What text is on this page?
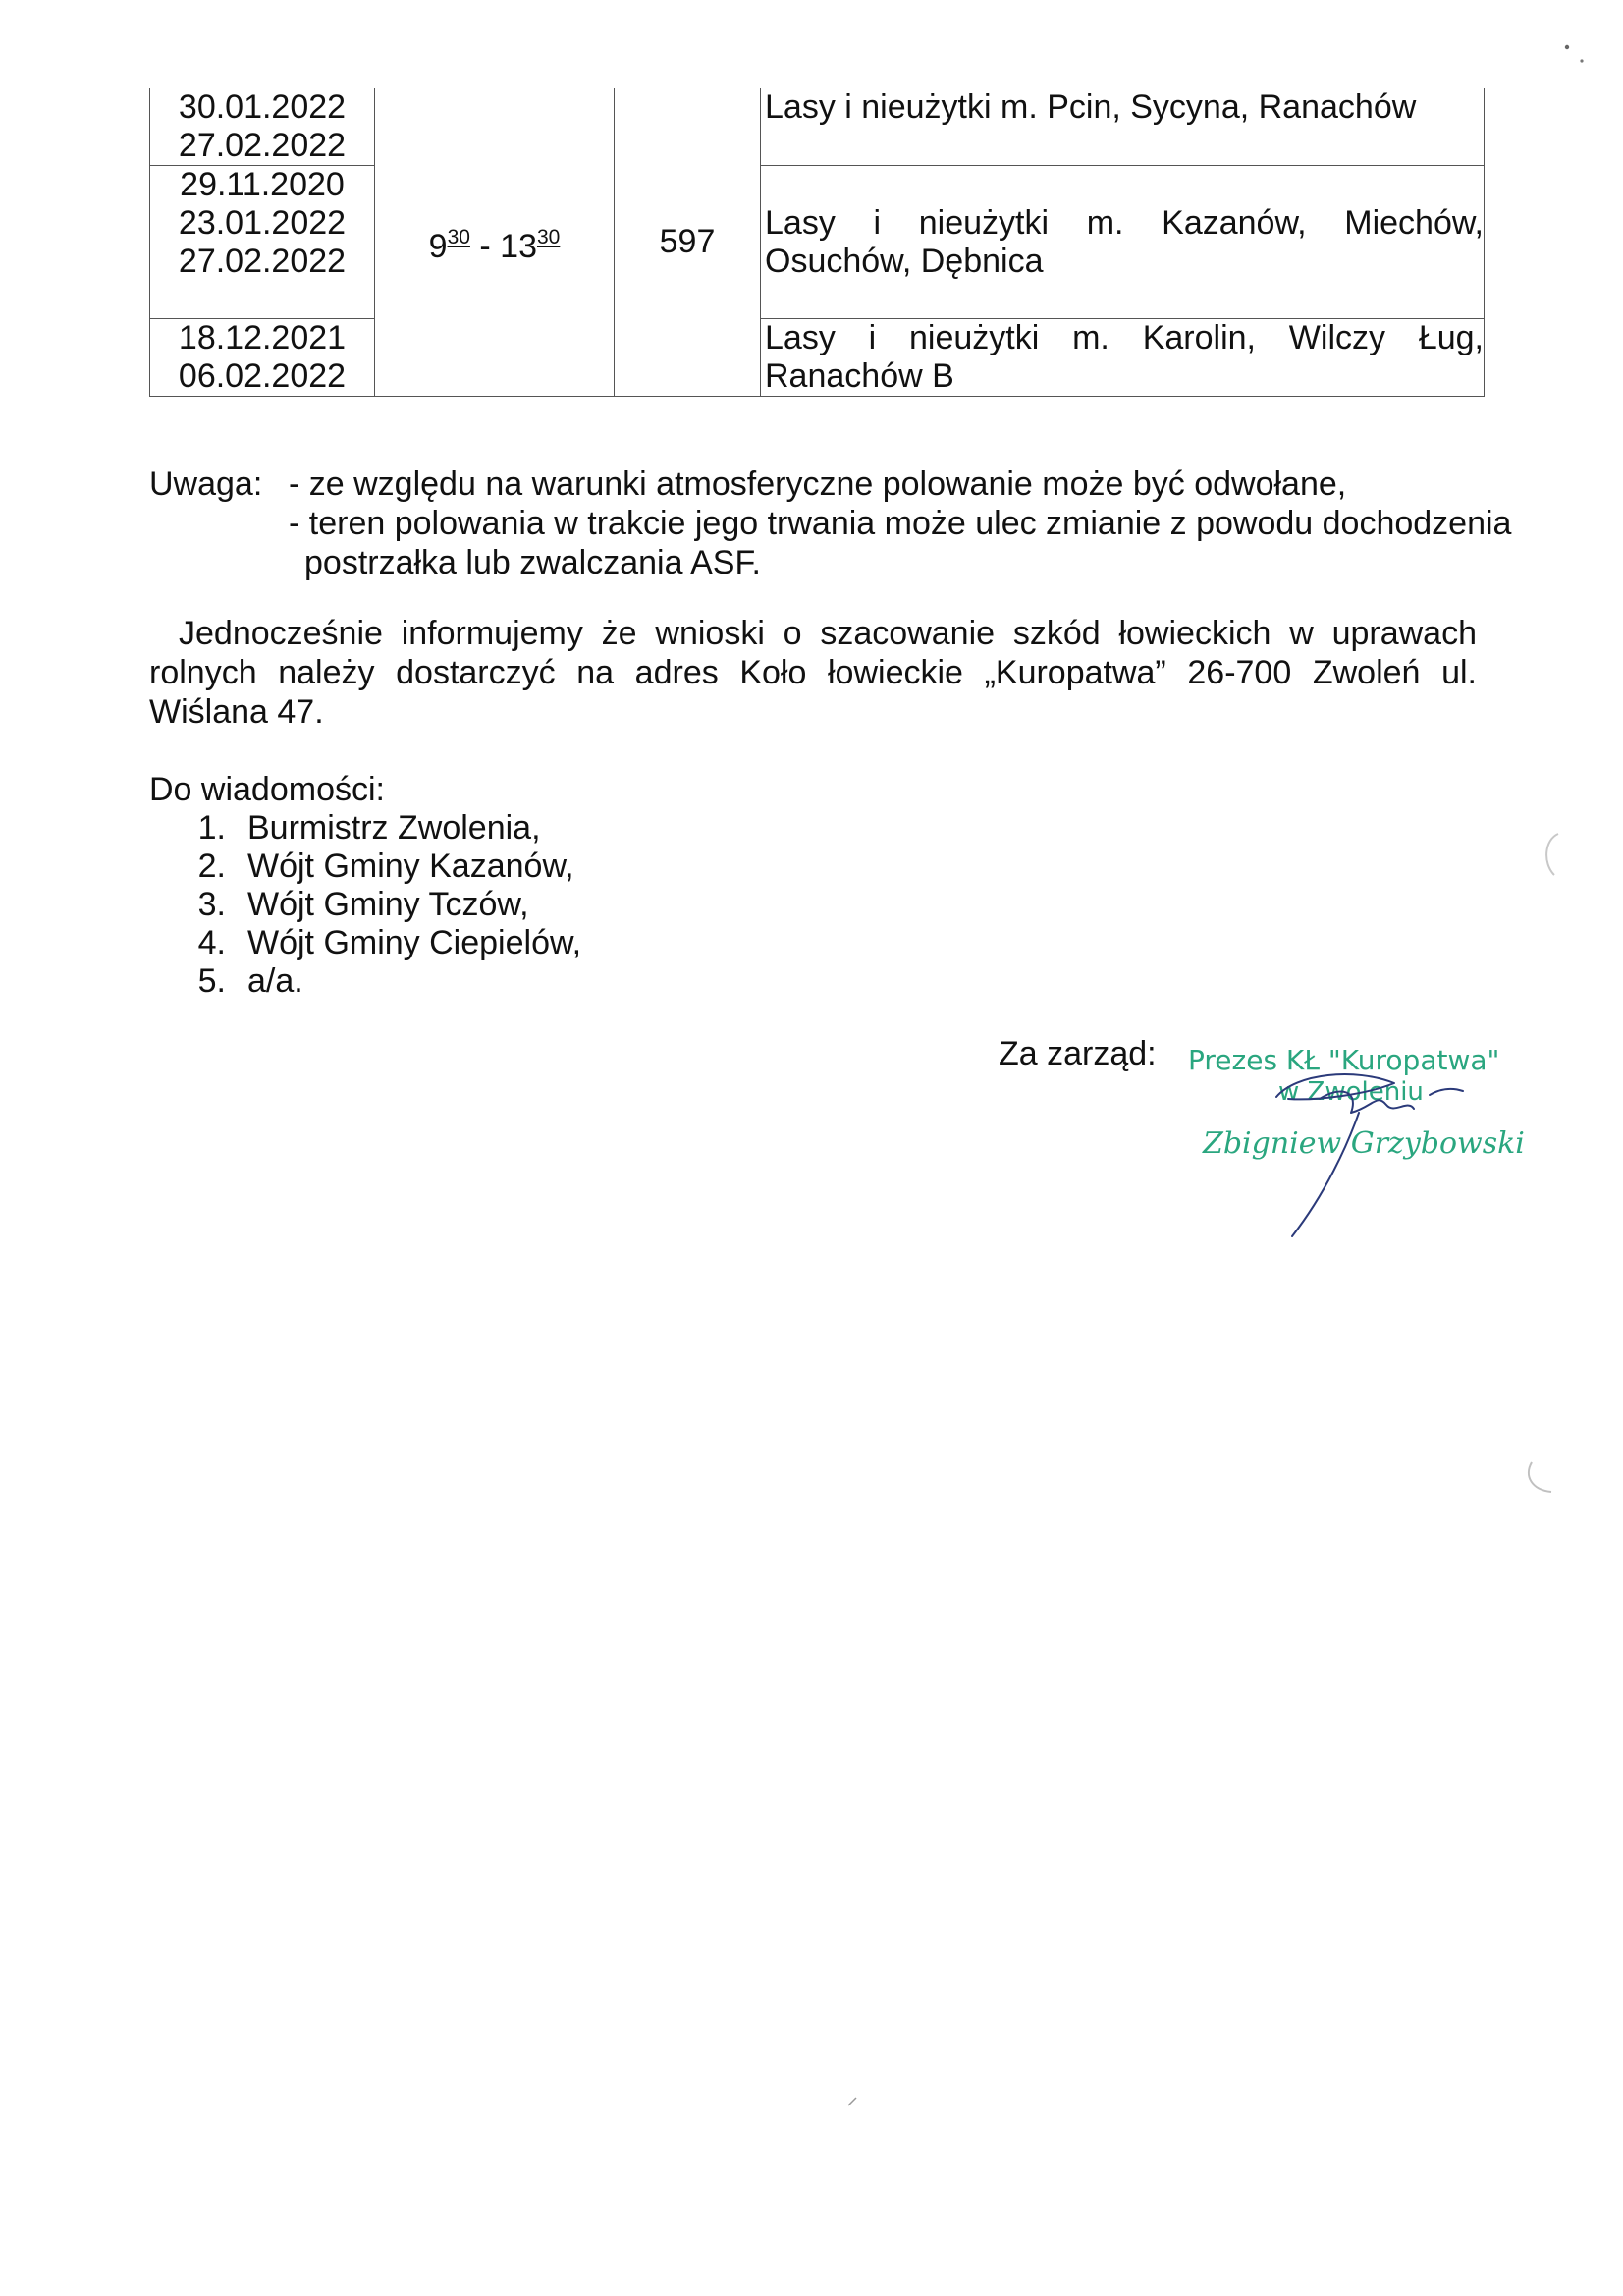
30.01.2022
27.02.2022	$9^{30} - 13^{30}$	597	Lasy i nieużytki m. Pcin, Sycyna, Ranachów

29.11.2020
23.01.2022
27.02.2022			Lasy i nieużytki m. Kazanów, Miechów, Osuchów, Dębnica

18.12.2021
06.02.2022			Lasy i nieużytki m. Karolin, Wilczy Ług, Ranachów B
Uwaga: - ze względu na warunki atmosferyczne polowanie może być odwołane,
- teren polowania w trakcie jego trwania może ulec zmianie z powodu dochodzenia
postrzałka lub zwalczania ASF.
Jednocześnie informujemy że wnioski o szacowanie szkód łowieckich w uprawach rolnych należy dostarczyć na adres Koło łowieckie „Kuropatwa” 26-700 Zwoleń ul. Wiślana 47.
Do wiadomości:
1. Burmistrz Zwolenia,
2. Wójt Gminy Kazanów,
3. Wójt Gminy Tczów,
4. Wójt Gminy Ciepielów,
5. a/a.
Za zarząd: Prezes KŁ "Kuropatwa"
w Zwoleniu
Zbigniew Grzybowski
